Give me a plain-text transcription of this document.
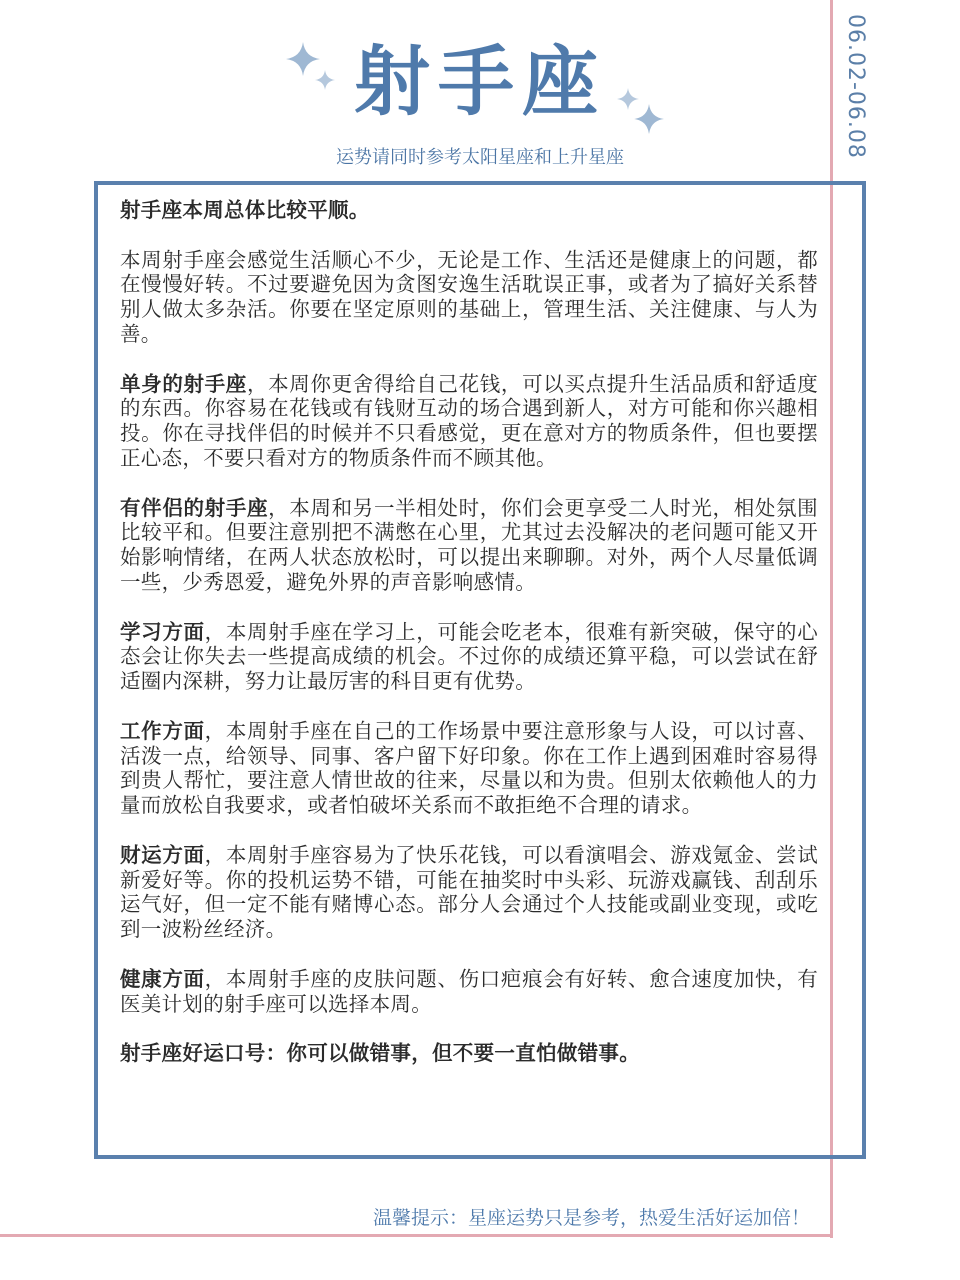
06.02-06.08
射手座

运势请同时参考太阳星座和上升星座

射手座本周总体比较平顺。

本周射手座会感觉生活顺心不少，无论是工作、生活还是健康上的问题，都在慢慢好转。不过要避免因为贪图安逸生活耽误正事，或者为了搞好关系替别人做太多杂活。你要在坚定原则的基础上，管理生活、关注健康、与人为善。

单身的射手座，本周你更舍得给自己花钱，可以买点提升生活品质和舒适度的东西。你容易在花钱或有钱财互动的场合遇到新人，对方可能和你兴趣相投。你在寻找伴侣的时候并不只看感觉，更在意对方的物质条件，但也要摆正心态，不要只看对方的物质条件而不顾其他。

有伴侣的射手座，本周和另一半相处时，你们会更享受二人时光，相处氛围比较平和。但要注意别把不满憋在心里，尤其过去没解决的老问题可能又开始影响情绪，在两人状态放松时，可以提出来聊聊。对外，两个人尽量低调一些，少秀恩爱，避免外界的声音影响感情。

学习方面，本周射手座在学习上，可能会吃老本，很难有新突破，保守的心态会让你失去一些提高成绩的机会。不过你的成绩还算平稳，可以尝试在舒适圈内深耕，努力让最厉害的科目更有优势。

工作方面，本周射手座在自己的工作场景中要注意形象与人设，可以讨喜、活泼一点，给领导、同事、客户留下好印象。你在工作上遇到困难时容易得到贵人帮忙，要注意人情世故的往来，尽量以和为贵。但别太依赖他人的力量而放松自我要求，或者怕破坏关系而不敢拒绝不合理的请求。

财运方面，本周射手座容易为了快乐花钱，可以看演唱会、游戏氪金、尝试新爱好等。你的投机运势不错，可能在抽奖时中头彩、玩游戏赢钱、刮刮乐运气好，但一定不能有赌博心态。部分人会通过个人技能或副业变现，或吃到一波粉丝经济。

健康方面，本周射手座的皮肤问题、伤口疤痕会有好转、愈合速度加快，有医美计划的射手座可以选择本周。

射手座好运口号：你可以做错事，但不要一直怕做错事。

温馨提示：星座运势只是参考，热爱生活好运加倍！
